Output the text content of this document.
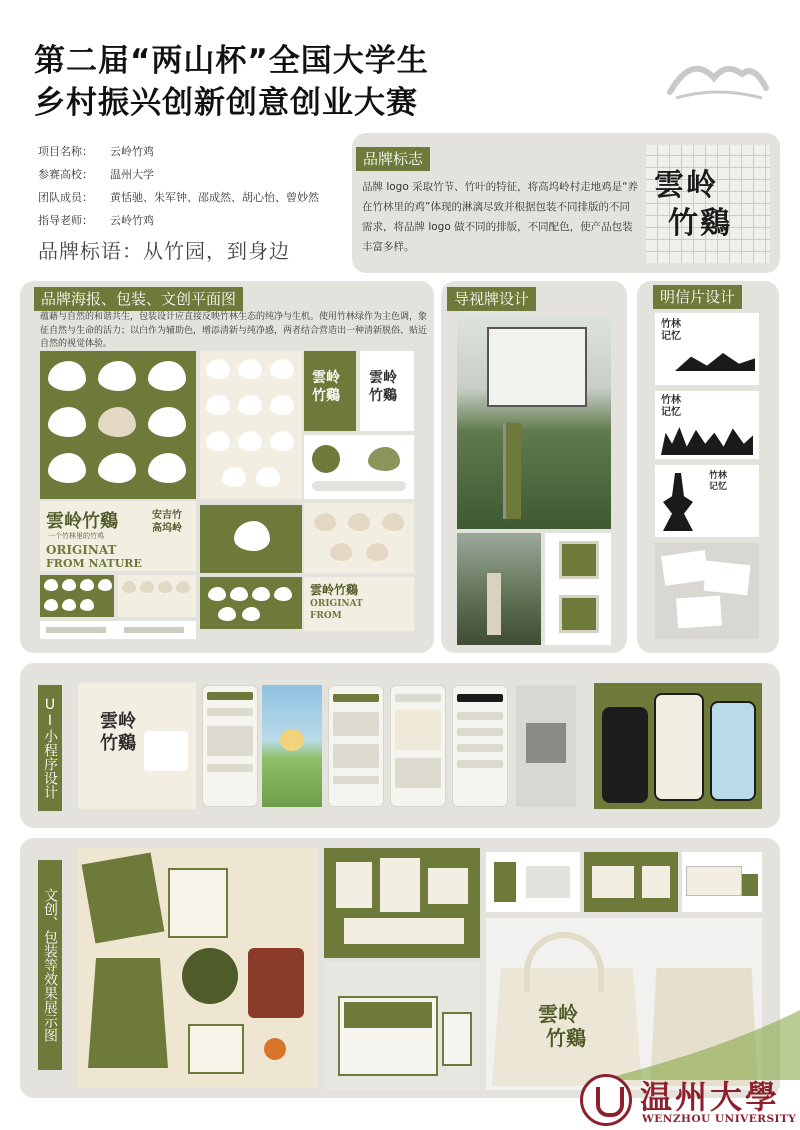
第二届“两山杯”全国大学生
乡村振兴创新创意创业大赛
项目名称： 云岭竹鸡
参赛高校： 温州大学
团队成员： 黄恬驰、朱军钟、邵成然、胡心怡、曾妙然
指导老师： 云岭竹鸡
品牌标语：从竹园，到身边
品牌标志
品牌 logo 采取竹节、竹叶的特征，将高坞岭村走地鸡是“养在竹林里的鸡”体现的淋漓尽致并根据包装不同排版的不同需求，将品牌 logo 做不同的排版，不同配色，使产品包装丰富多样。
雲岭
竹鷄
品牌海报、包装、文创平面图
蕴藉与自然的和谐共生，包装设计应直接反映竹林生态的纯净与生机。使用竹林绿作为主色调，象征自然与生命的活力；以白作为辅助色，增添清新与纯净感，两者结合营造出一种清新脱俗、贴近自然的视觉体验。
雲岭
竹鷄
雲岭
竹鷄
雲岭竹鷄
一个竹林里的竹鸡
ORIGINAT
FROM NATURE
安吉竹
高坞岭
雲岭竹鷄
ORIGINAT
FROM
导视牌设计	明信片设计
竹林
记忆
竹林
记忆
竹林
记忆
UI小程序设计 雲岭
竹鷄
文创、包装等效果展示图	雲岭
竹鷄
温州大學
WENZHOU UNIVERSITY
